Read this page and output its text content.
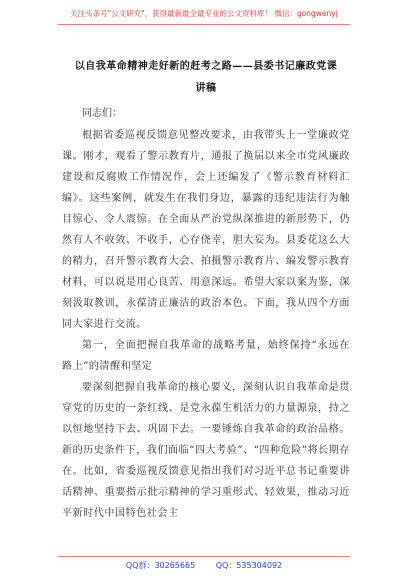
关注头条号"公文研究"，获得最新最全最专业的公文资料库！ 微信：gongwenyj
以自我革命精神走好新的赶考之路——县委书记廉政党课
讲稿
同志们：

根据省委巡视反馈意见整改要求，由我带头上一堂廉政党课。刚才，观看了警示教育片，通报了换届以来全市党风廉政建设和反腐败工作情况作，会上还编发了《警示教育材料汇编》。这些案例，就发生在我们身边，暴露的违纪违法行为触目惊心、令人震惊。在全面从严治党纵深推进的新形势下，仍然有人不收敛、不收手，心存侥幸，胆大妄为。县委花这么大的精力，召开警示教育大会、拍摄警示教育片、编发警示教育材料，可以说是用心良苦、用意深远。希望大家以案为鉴，深刻汲取教训，永葆清正廉洁的政治本色。下面，我从四个方面同大家进行交流。

第一，全面把握自我革命的战略考量，始终保持“永远在路上”的清醒和坚定

要深刻把握自我革命的核心要义，深刻认识自我革命是贯穿党的历史的一条红线、是党永葆生机活力的力量源泉，持之以恒地坚持下去、巩固下去。一要锤炼自我革命的政治品格。新的历史条件下，我们面临“四大考验”、“四种危险”将长期存在。比如，省委巡视反馈意见指出我们对习近平总书记重要讲话精神、重要指示批示精神的学习重形式、轻效果，推动习近平新时代中国特色社会主

QQ群：30265665	QQ：535304092
